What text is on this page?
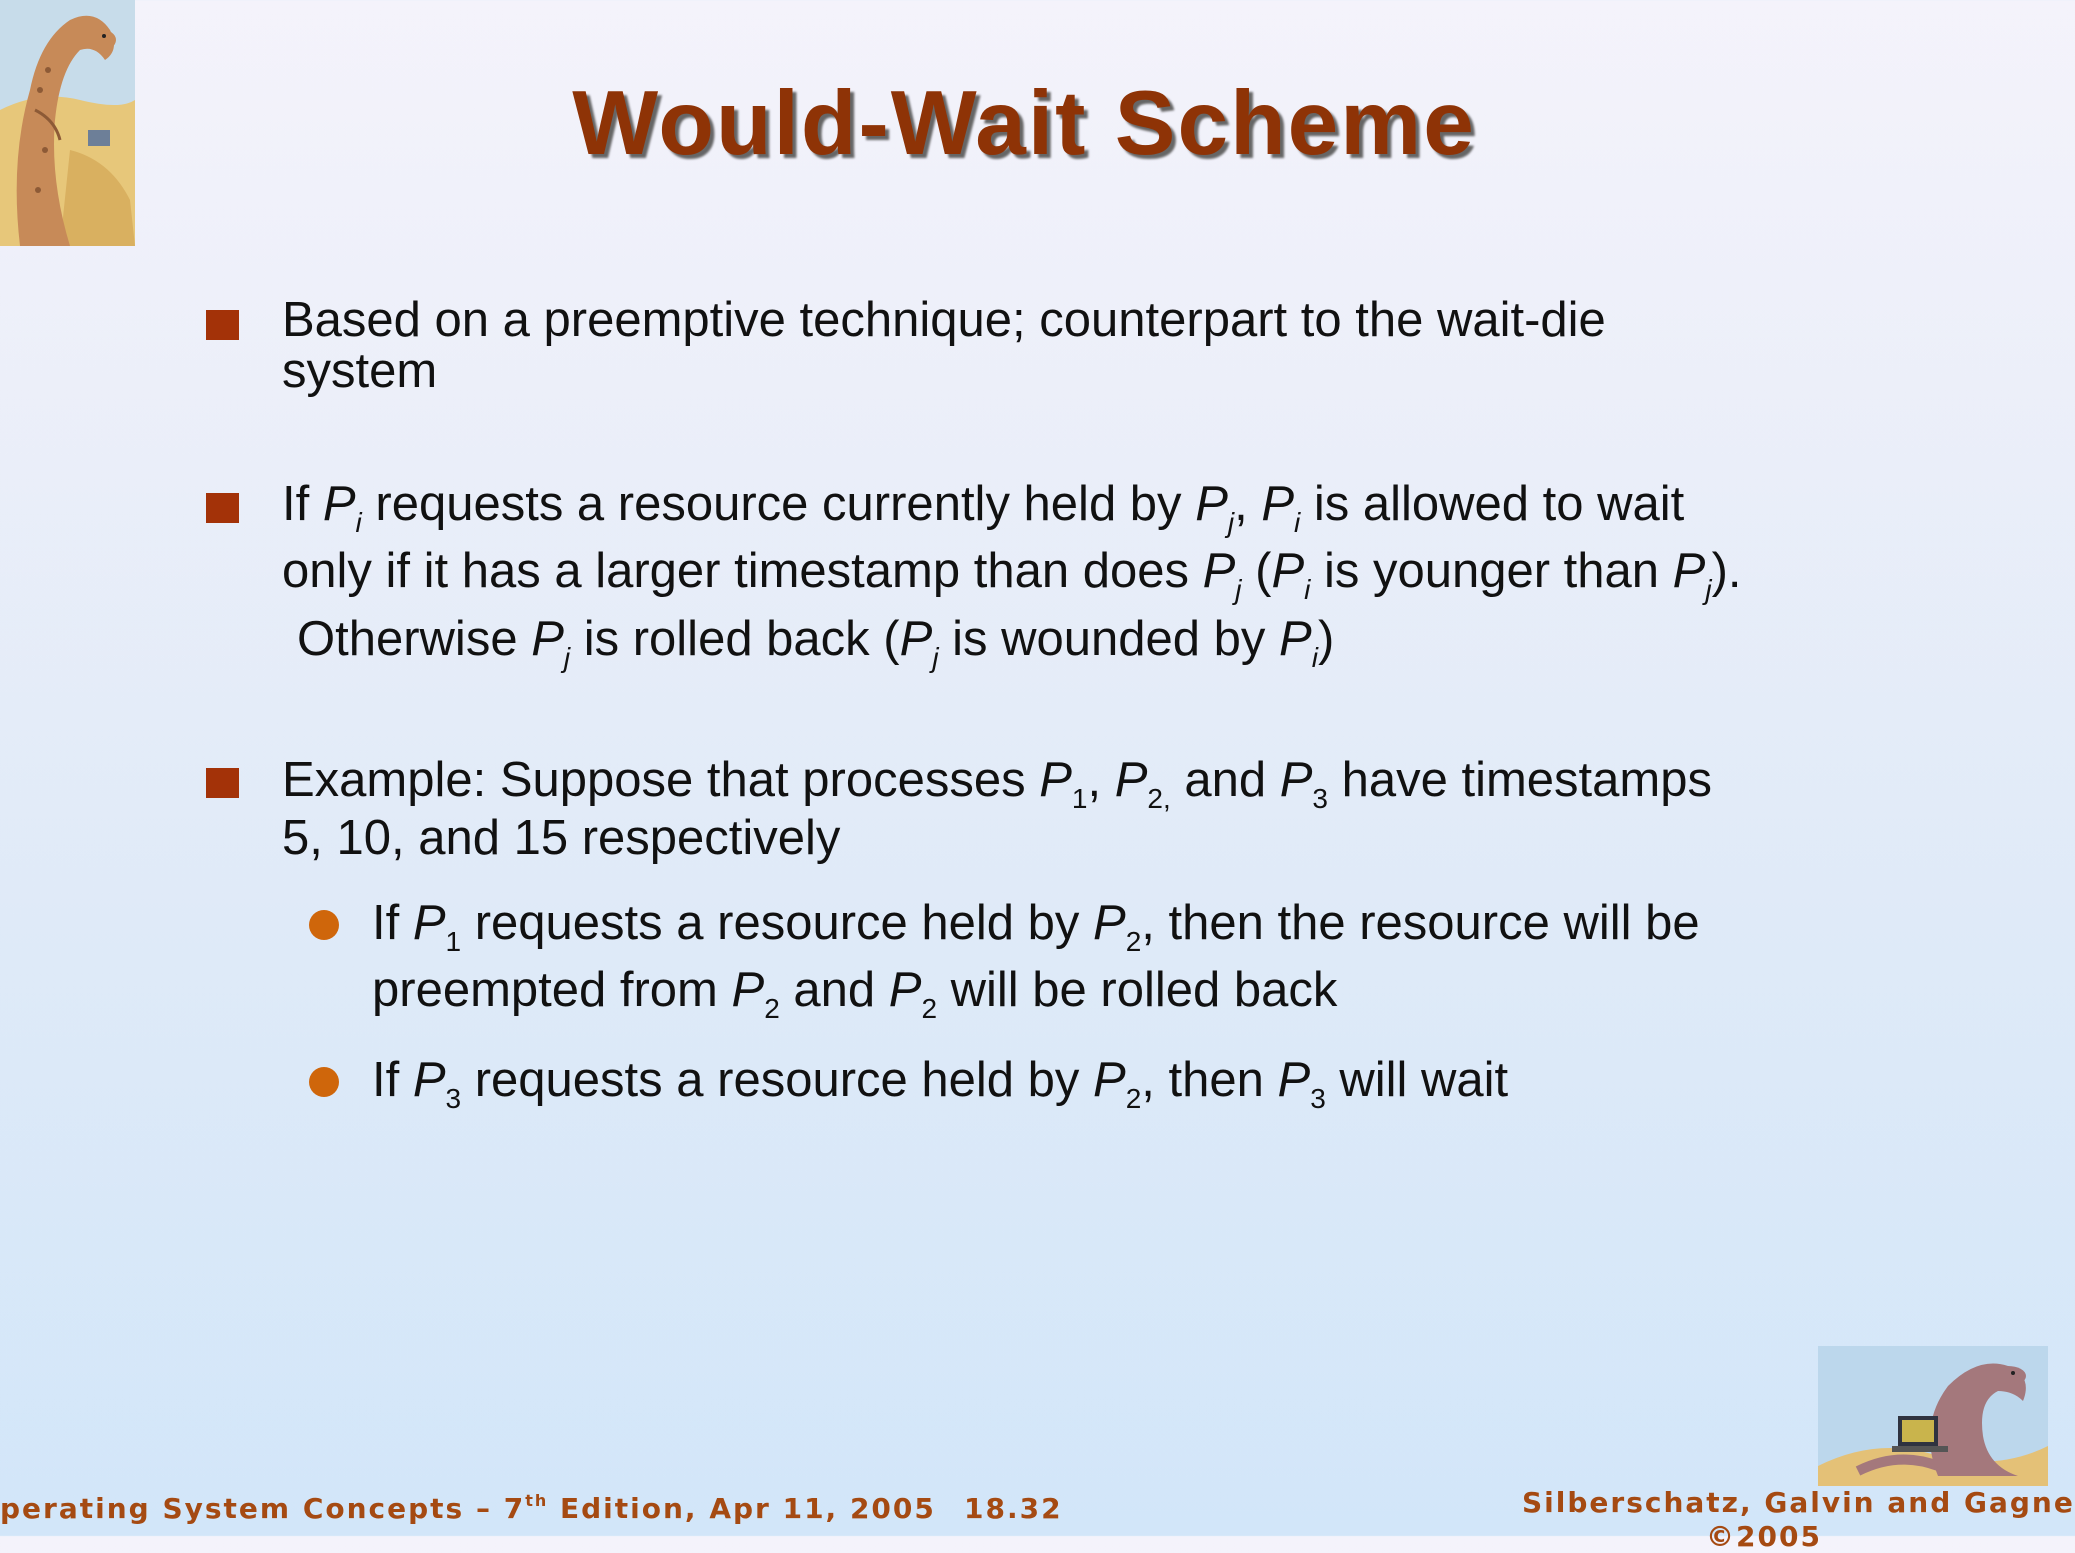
Would-Wait Scheme
Based on a preemptive technique; counterpart to the wait-die
system
If $P_i$ requests a resource currently held by $P_j$, $P_i$ is allowed to wait
only if it has a larger timestamp than does $P_j$ ($P_i$ is younger than $P_j$).
Otherwise $P_j$ is rolled back ($P_j$ is wounded by $P_i$)
Example: Suppose that processes $P_1$, $P_{2,}$ and $P_3$ have timestamps
5, 10, and 15 respectively
If $P_1$ requests a resource held by $P_2$, then the resource will be
preempted from $P_2$ and $P_2$ will be rolled back
If $P_3$ requests a resource held by $P_2$, then $P_3$ will wait
perating System Concepts – 7th Edition, Apr 11, 2005 18.32	Silberschatz, Galvin and Gagne
©2005
